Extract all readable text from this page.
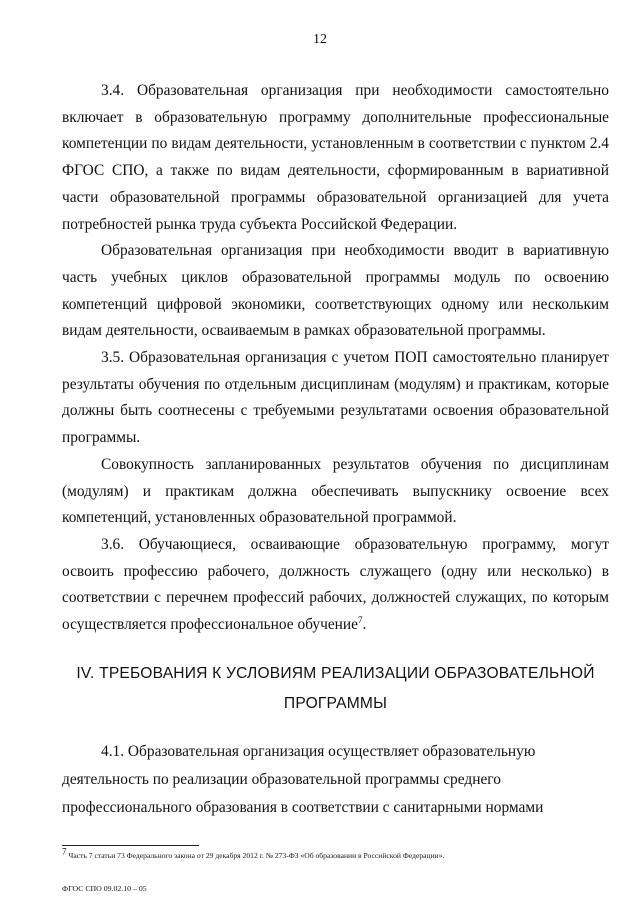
12

3.4. Образовательная организация при необходимости самостоятельно включает в образовательную программу дополнительные профессиональные компетенции по видам деятельности, установленным в соответствии с пунктом 2.4 ФГОС СПО, а также по видам деятельности, сформированным в вариативной части образовательной программы образовательной организацией для учета потребностей рынка труда субъекта Российской Федерации.

Образовательная организация при необходимости вводит в вариативную часть учебных циклов образовательной программы модуль по освоению компетенций цифровой экономики, соответствующих одному или нескольким видам деятельности, осваиваемым в рамках образовательной программы.

3.5. Образовательная организация с учетом ПОП самостоятельно планирует результаты обучения по отдельным дисциплинам (модулям) и практикам, которые должны быть соотнесены с требуемыми результатами освоения образовательной программы.

Совокупность запланированных результатов обучения по дисциплинам (модулям) и практикам должна обеспечивать выпускнику освоение всех компетенций, установленных образовательной программой.

3.6. Обучающиеся, осваивающие образовательную программу, могут освоить профессию рабочего, должность служащего (одну или несколько) в соответствии с перечнем профессий рабочих, должностей служащих, по которым осуществляется профессиональное обучение$^7$.

IV. ТРЕБОВАНИЯ К УСЛОВИЯМ РЕАЛИЗАЦИИ ОБРАЗОВАТЕЛЬНОЙ
ПРОГРАММЫ

4.1. Образовательная организация осуществляет образовательную

деятельность по реализации образовательной программы среднего

профессионального образования в соответствии с санитарными нормами

$^7$ Часть 7 статьи 73 Федерального закона от 29 декабря 2012 г. № 273-ФЗ «Об образовании в Российской Федерации».
ФГОС СПО 09.02.10 – 05
